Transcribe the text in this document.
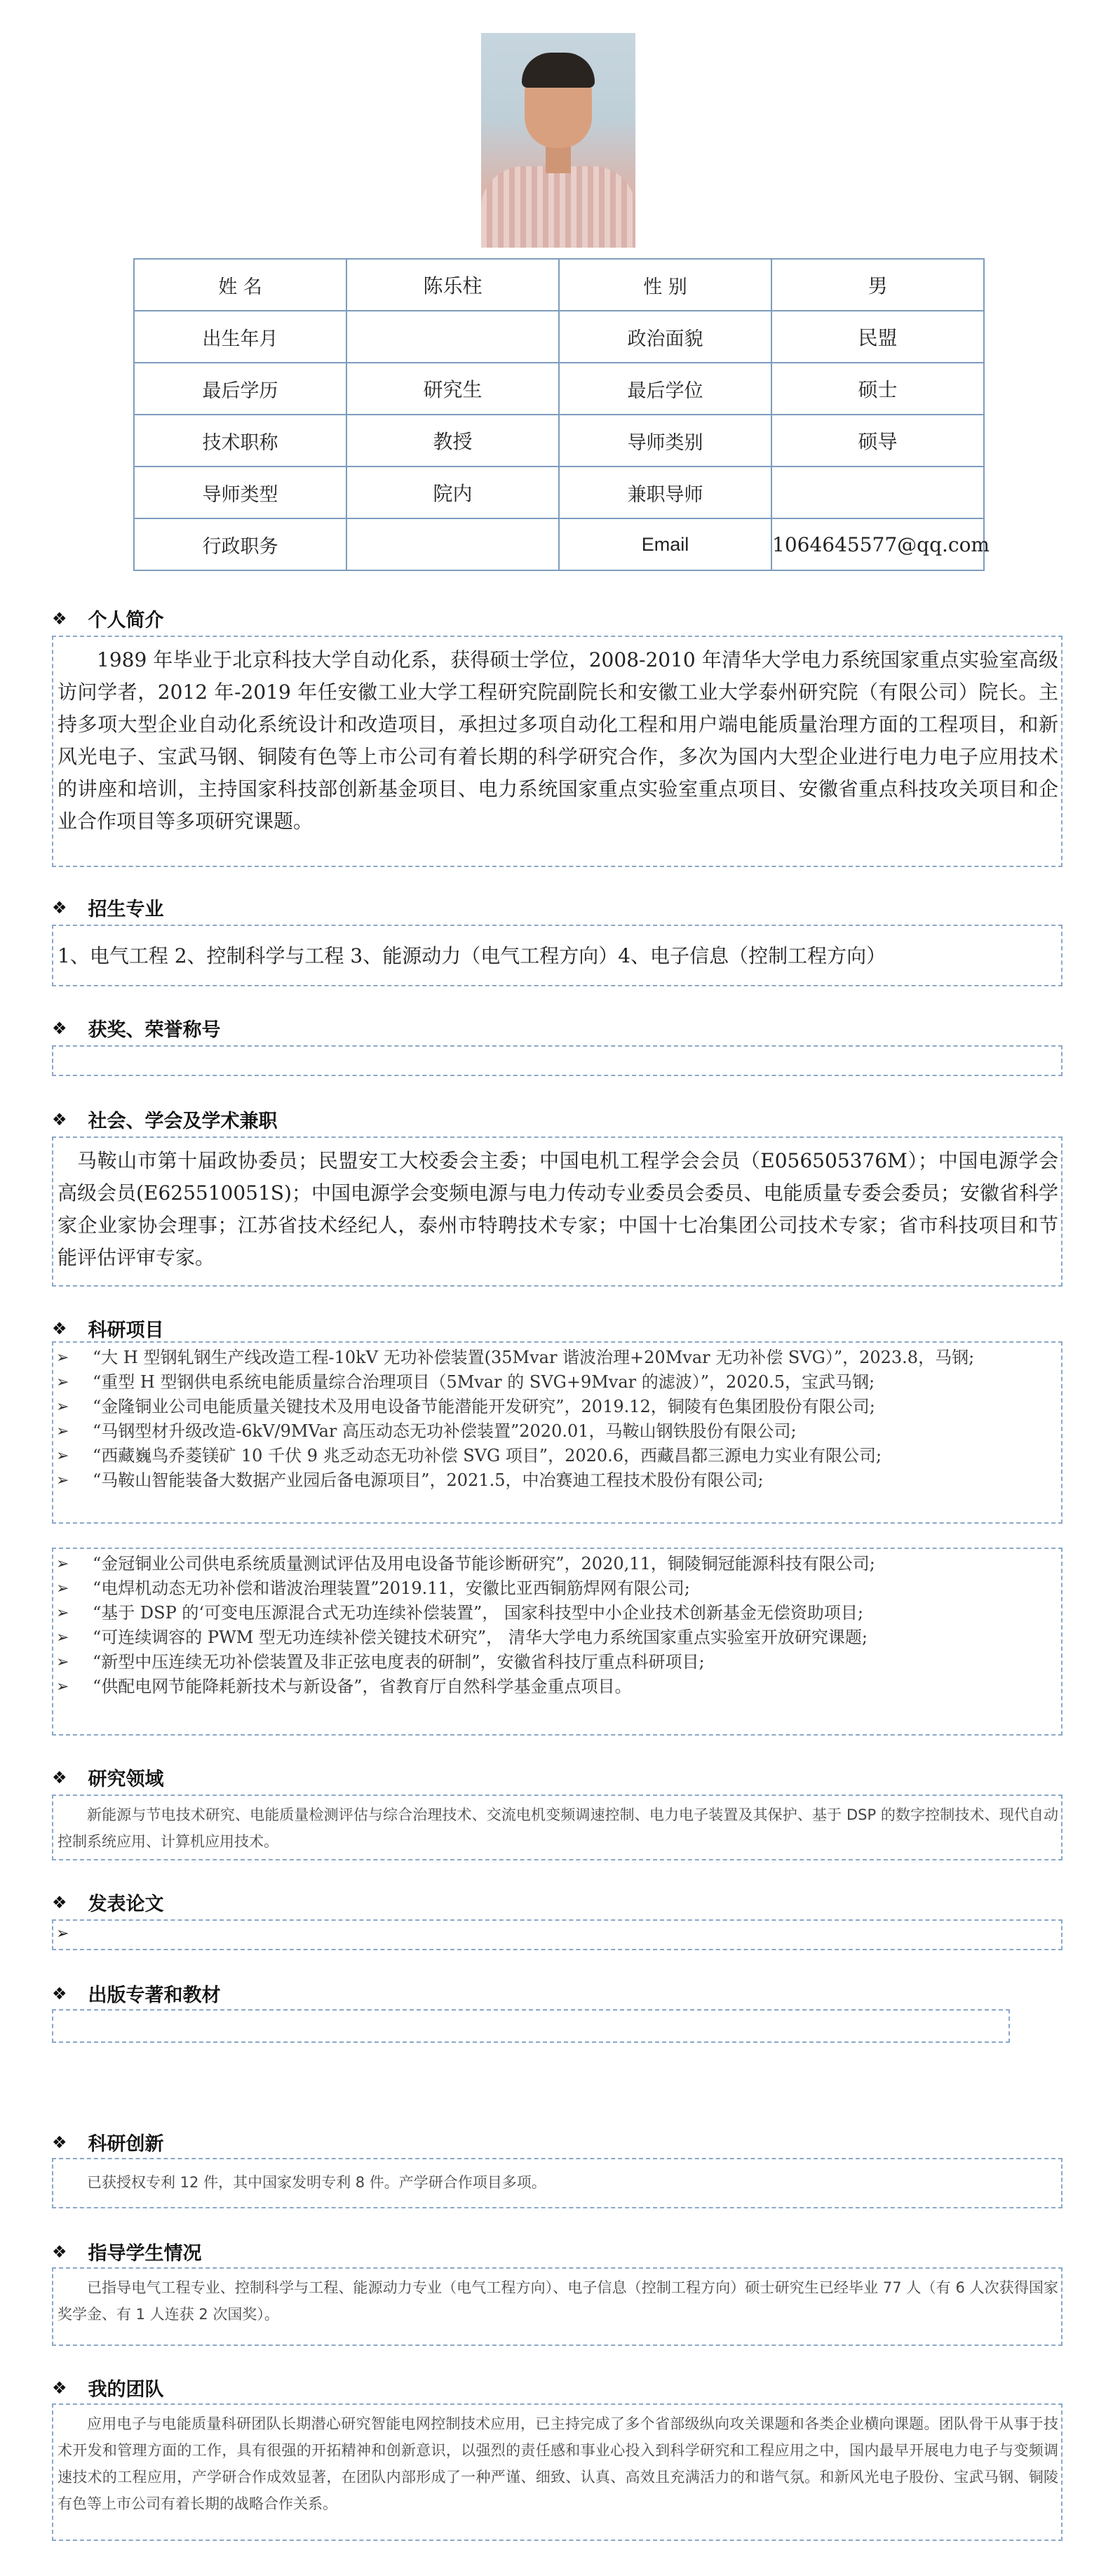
姓 名	陈乐柱	性 别	男
出生年月		政治面貌	民盟
最后学历	研究生	最后学位	硕士
技术职称	教授	导师类别	硕导
导师类型	院内	兼职导师	
行政职务		Email	1064645577@qq.com
❖ 个人简介
1989 年毕业于北京科技大学自动化系，获得硕士学位，2008-2010 年清华大学电力系统国家重点实验室高级访问学者，2012 年-2019 年任安徽工业大学工程研究院副院长和安徽工业大学泰州研究院（有限公司）院长。主持多项大型企业自动化系统设计和改造项目，承担过多项自动化工程和用户端电能质量治理方面的工程项目，和新风光电子、宝武马钢、铜陵有色等上市公司有着长期的科学研究合作，多次为国内大型企业进行电力电子应用技术的讲座和培训，主持国家科技部创新基金项目、电力系统国家重点实验室重点项目、安徽省重点科技攻关项目和企业合作项目等多项研究课题。
❖ 招生专业
1、电气工程 2、控制科学与工程 3、能源动力（电气工程方向）4、电子信息（控制工程方向）
❖ 获奖、荣誉称号
❖ 社会、学会及学术兼职
马鞍山市第十届政协委员；民盟安工大校委会主委；中国电机工程学会会员（E056505376M）；中国电源学会高级会员(E625510051S)；中国电源学会变频电源与电力传动专业委员会委员、电能质量专委会委员；安徽省科学家企业家协会理事；江苏省技术经纪人，泰州市特聘技术专家；中国十七冶集团公司技术专家；省市科技项目和节能评估评审专家。
❖ 科研项目
➢ “大 H 型钢轧钢生产线改造工程-10kV 无功补偿装置(35Mvar 谐波治理+20Mvar 无功补偿 SVG）”，2023.8，马钢;
➢ “重型 H 型钢供电系统电能质量综合治理项目（5Mvar 的 SVG+9Mvar 的滤波）”，2020.5，宝武马钢;
➢ “金隆铜业公司电能质量关键技术及用电设备节能潜能开发研究”，2019.12，铜陵有色集团股份有限公司;
➢ “马钢型材升级改造-6kV/9MVar 高压动态无功补偿装置”2020.01，马鞍山钢铁股份有限公司;
➢ “西藏巍鸟乔菱镁矿 10 千伏 9 兆乏动态无功补偿 SVG 项目”，2020.6，西藏昌都三源电力实业有限公司;
➢ “马鞍山智能装备大数据产业园后备电源项目”，2021.5，中冶赛迪工程技术股份有限公司;
➢ “金冠铜业公司供电系统质量测试评估及用电设备节能诊断研究”，2020,11，铜陵铜冠能源科技有限公司;
➢ “电焊机动态无功补偿和谐波治理装置”2019.11，安徽比亚西铜筋焊网有限公司;
➢ “基于 DSP 的‘可变电压源混合式无功连续补偿装置”， 国家科技型中小企业技术创新基金无偿资助项目;
➢ “可连续调容的 PWM 型无功连续补偿关键技术研究”， 清华大学电力系统国家重点实验室开放研究课题;
➢ “新型中压连续无功补偿装置及非正弦电度表的研制”，安徽省科技厅重点科研项目;
➢ “供配电网节能降耗新技术与新设备”，省教育厅自然科学基金重点项目。
❖ 研究领域
新能源与节电技术研究、电能质量检测评估与综合治理技术、交流电机变频调速控制、电力电子装置及其保护、基于 DSP 的数字控制技术、现代自动控制系统应用、计算机应用技术。
❖ 发表论文
➢
❖ 出版专著和教材
❖ 科研创新
已获授权专利 12 件，其中国家发明专利 8 件。产学研合作项目多项。
❖ 指导学生情况
已指导电气工程专业、控制科学与工程、能源动力专业（电气工程方向）、电子信息（控制工程方向）硕士研究生已经毕业 77 人（有 6 人次获得国家奖学金、有 1 人连获 2 次国奖）。
❖ 我的团队
应用电子与电能质量科研团队长期潜心研究智能电网控制技术应用，已主持完成了多个省部级纵向攻关课题和各类企业横向课题。团队骨干从事于技术开发和管理方面的工作，具有很强的开拓精神和创新意识，以强烈的责任感和事业心投入到科学研究和工程应用之中，国内最早开展电力电子与变频调速技术的工程应用，产学研合作成效显著，在团队内部形成了一种严谨、细致、认真、高效且充满活力的和谐气氛。和新风光电子股份、宝武马钢、铜陵有色等上市公司有着长期的战略合作关系。
